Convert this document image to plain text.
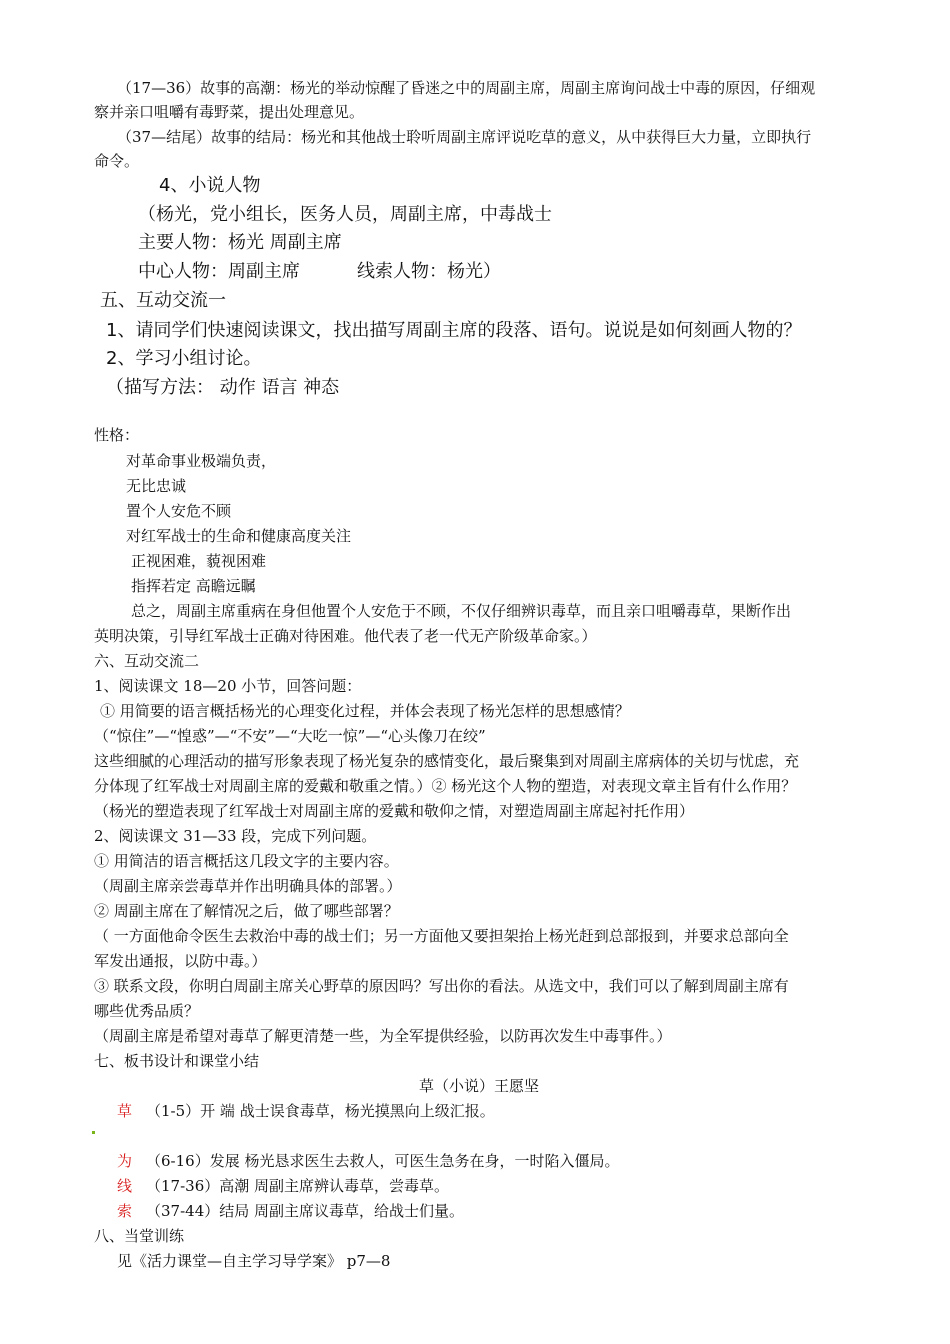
（17—36）故事的高潮：杨光的举动惊醒了昏迷之中的周副主席，周副主席询问战士中毒的原因，仔细观
察并亲口咀嚼有毒野菜，提出处理意见。
（37—结尾）故事的结局：杨光和其他战士聆听周副主席评说吃草的意义，从中获得巨大力量，立即执行
命令。
4、小说人物
（杨光，党小组长，医务人员，周副主席，中毒战士
主要人物：杨光 周副主席
中心人物：周副主席	线索人物：杨光）
五、互动交流一
1、请同学们快速阅读课文，找出描写周副主席的段落、语句。说说是如何刻画人物的？
2、学习小组讨论。
（描写方法： 动作 语言 神态
性格：
对革命事业极端负责，
无比忠诚
置个人安危不顾
对红军战士的生命和健康高度关注
正视困难，藐视困难
指挥若定 高瞻远瞩
总之，周副主席重病在身但他置个人安危于不顾，不仅仔细辨识毒草，而且亲口咀嚼毒草，果断作出
英明决策，引导红军战士正确对待困难。他代表了老一代无产阶级革命家。）
六、互动交流二
1、阅读课文 18—20 小节，回答问题：
① 用简要的语言概括杨光的心理变化过程，并体会表现了杨光怎样的思想感情？
（“惊住”—“惶惑”—“不安”—“大吃一惊”—“心头像刀在绞”
这些细腻的心理活动的描写形象表现了杨光复杂的感情变化，最后聚集到对周副主席病体的关切与忧虑，充
分体现了红军战士对周副主席的爱戴和敬重之情。）② 杨光这个人物的塑造，对表现文章主旨有什么作用？
（杨光的塑造表现了红军战士对周副主席的爱戴和敬仰之情，对塑造周副主席起衬托作用）
2、阅读课文 31—33 段，完成下列问题。
① 用简洁的语言概括这几段文字的主要内容。
（周副主席亲尝毒草并作出明确具体的部署。）
② 周副主席在了解情况之后，做了哪些部署？
（ 一方面他命令医生去救治中毒的战士们；另一方面他又要担架抬上杨光赶到总部报到，并要求总部向全
军发出通报，以防中毒。）
③ 联系文段，你明白周副主席关心野草的原因吗？写出你的看法。从选文中，我们可以了解到周副主席有
哪些优秀品质？
（周副主席是希望对毒草了解更清楚一些，为全军提供经验，以防再次发生中毒事件。）
七、板书设计和课堂小结
草（小说）王愿坚
草 （1-5）开 端 战士误食毒草，杨光摸黑向上级汇报。
为 （6-16）发展 杨光恳求医生去救人，可医生急务在身，一时陷入僵局。
线 （17-36）高潮 周副主席辨认毒草，尝毒草。
索 （37-44）结局 周副主席议毒草，给战士们量。
八、当堂训练
见《活力课堂—自主学习导学案》 p7—8
